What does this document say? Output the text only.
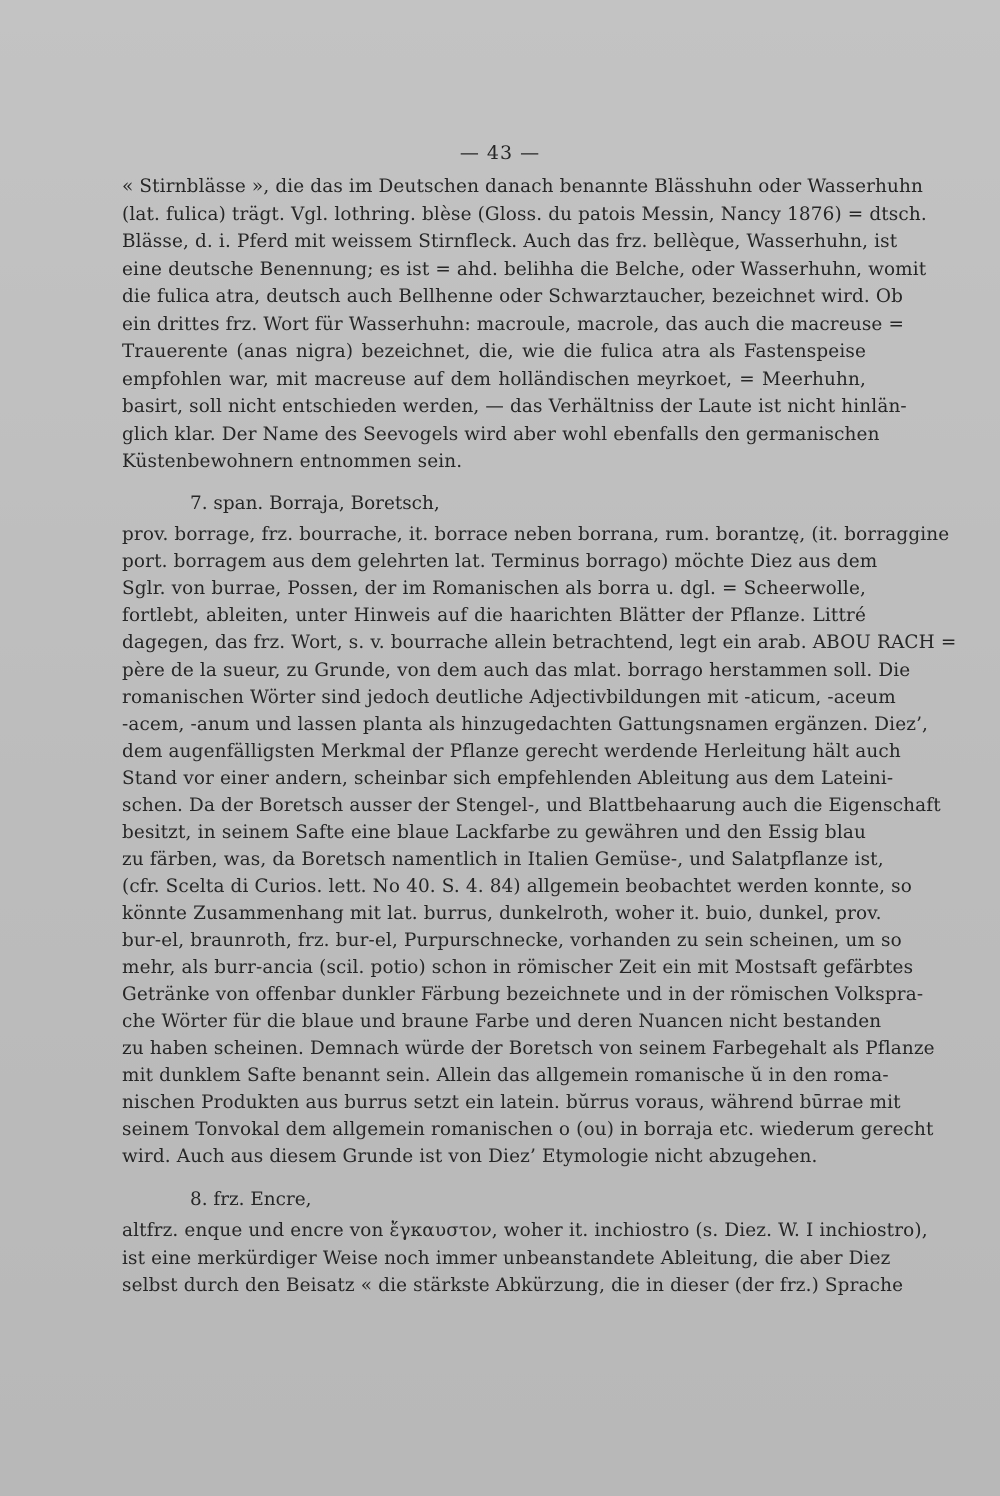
— 43 —
« Stirnblässe », die das im Deutschen danach benannte Blässhuhn oder Wasserhuhn
(lat. fulica) trägt. Vgl. lothring. blèse (Gloss. du patois Messin, Nancy 1876) = dtsch.
Blässe, d. i. Pferd mit weissem Stirnfleck. Auch das frz. bellèque, Wasserhuhn, ist
eine deutsche Benennung; es ist = ahd. belihha die Belche, oder Wasserhuhn, womit
die fulica atra, deutsch auch Bellhenne oder Schwarztaucher, bezeichnet wird. Ob
ein drittes frz. Wort für Wasserhuhn: macroule, macrole, das auch die macreuse =
Trauerente (anas nigra) bezeichnet, die, wie die fulica atra als Fastenspeise
empfohlen war, mit macreuse auf dem holländischen meyrkoet, = Meerhuhn,
basirt, soll nicht entschieden werden, — das Verhältniss der Laute ist nicht hinlän-
glich klar. Der Name des Seevogels wird aber wohl ebenfalls den germanischen
Küstenbewohnern entnommen sein.
7. span. Borraja, Boretsch,
prov. borrage, frz. bourrache, it. borrace neben borrana, rum. borantzę, (it. borraggine
port. borragem aus dem gelehrten lat. Terminus borrago) möchte Diez aus dem
Sglr. von burrae, Possen, der im Romanischen als borra u. dgl. = Scheerwolle,
fortlebt, ableiten, unter Hinweis auf die haarichten Blätter der Pflanze. Littré
dagegen, das frz. Wort, s. v. bourrache allein betrachtend, legt ein arab. ABOU RACH =
père de la sueur, zu Grunde, von dem auch das mlat. borrago herstammen soll. Die
romanischen Wörter sind jedoch deutliche Adjectivbildungen mit -aticum, -aceum
-acem, -anum und lassen planta als hinzugedachten Gattungsnamen ergänzen. Diez’,
dem augenfälligsten Merkmal der Pflanze gerecht werdende Herleitung hält auch
Stand vor einer andern, scheinbar sich empfehlenden Ableitung aus dem Lateini-
schen. Da der Boretsch ausser der Stengel-, und Blattbehaarung auch die Eigenschaft
besitzt, in seinem Safte eine blaue Lackfarbe zu gewähren und den Essig blau
zu färben, was, da Boretsch namentlich in Italien Gemüse-, und Salatpflanze ist,
(cfr. Scelta di Curios. lett. No 40. S. 4. 84) allgemein beobachtet werden konnte, so
könnte Zusammenhang mit lat. burrus, dunkelroth, woher it. buio, dunkel, prov.
bur-el, braunroth, frz. bur-el, Purpurschnecke, vorhanden zu sein scheinen, um so
mehr, als burr-ancia (scil. potio) schon in römischer Zeit ein mit Mostsaft gefärbtes
Getränke von offenbar dunkler Färbung bezeichnete und in der römischen Volkspra-
che Wörter für die blaue und braune Farbe und deren Nuancen nicht bestanden
zu haben scheinen. Demnach würde der Boretsch von seinem Farbegehalt als Pflanze
mit dunklem Safte benannt sein. Allein das allgemein romanische ŭ in den roma-
nischen Produkten aus burrus setzt ein latein. bŭrrus voraus, während būrrae mit
seinem Tonvokal dem allgemein romanischen o (ou) in borraja etc. wiederum gerecht
wird. Auch aus diesem Grunde ist von Diez’ Etymologie nicht abzugehen.
8. frz. Encre,
altfrz. enque und encre von ἔγκαυστον, woher it. inchiostro (s. Diez. W. I inchiostro),
ist eine merkürdiger Weise noch immer unbeanstandete Ableitung, die aber Diez
selbst durch den Beisatz « die stärkste Abkürzung, die in dieser (der frz.) Sprache
